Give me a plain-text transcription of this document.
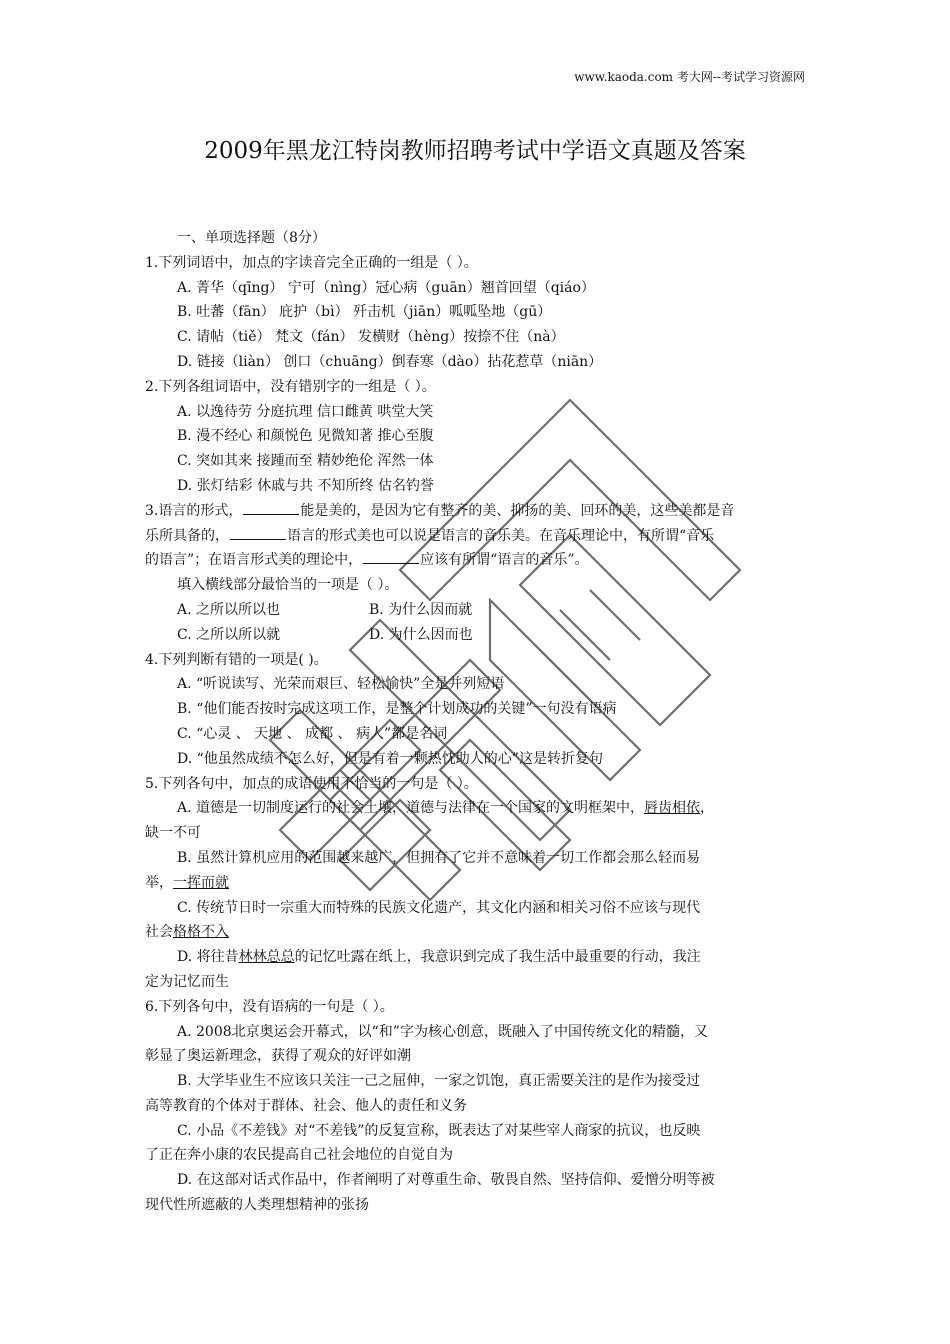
www.kaoda.com 考大网--考试学习资源网
2009年黑龙江特岗教师招聘考试中学语文真题及答案
一、单项选择题（8分）
1.下列词语中，加点的字读音完全正确的一组是（ ）。
A. 菁华（qīng） 宁可（nìng）冠心病（guān）翘首回望（qiáo）
B. 吐蕃（fān） 庇护（bì） 歼击机（jiān）呱呱坠地（gū）
C. 请帖（tiě） 梵文（fán） 发横财（hèng）按捺不住（nà）
D. 链接（liàn） 创口（chuāng）倒春寒（dào）拈花惹草（niān）
2.下列各组词语中，没有错别字的一组是（ ）。
A. 以逸待劳 分庭抗理 信口雌黄 哄堂大笑
B. 漫不经心 和颜悦色 见微知著 推心至腹
C. 突如其来 接踵而至 精妙绝伦 浑然一体
D. 张灯结彩 休戚与共 不知所终 估名钓誉
3.语言的形式，	能是美的，是因为它有整齐的美、抑扬的美、回环的美，这些美都是音
乐所具备的，	语言的形式美也可以说是语言的音乐美。在音乐理论中，有所谓“音乐
的语言”；在语言形式美的理论中，	应该有所谓“语言的音乐”。
填入横线部分最恰当的一项是（ ）。
A. 之所以所以也	B. 为什么因而就
C. 之所以所以就	D. 为什么因而也
4.下列判断有错的一项是( )。
A. “听说读写、光荣而艰巨、轻松愉快”全是并列短语
B. “他们能否按时完成这项工作，是整个计划成功的关键”一句没有语病
C. “心灵 、 天地 、 成都 、 病人”都是名词
D. “他虽然成绩不怎么好，但是有着一颗热忱助人的心”这是转折复句
5.下列各句中，加点的成语使用不恰当的一句是（ ）。
A. 道德是一切制度运行的社会土壤，道德与法律在一个国家的文明框架中，唇齿相依，
缺一不可
B. 虽然计算机应用的范围越来越广，但拥有了它并不意味着一切工作都会那么轻而易
举，一挥而就
C. 传统节日时一宗重大而特殊的民族文化遗产，其文化内涵和相关习俗不应该与现代
社会格格不入
D. 将往昔林林总总的记忆吐露在纸上，我意识到完成了我生活中最重要的行动，我注
定为记忆而生
6.下列各句中，没有语病的一句是（ ）。
A. 2008北京奥运会开幕式，以“和”字为核心创意，既融入了中国传统文化的精髓，又
彰显了奥运新理念，获得了观众的好评如潮
B. 大学毕业生不应该只关注一己之屈伸，一家之饥饱，真正需要关注的是作为接受过
高等教育的个体对于群体、社会、他人的责任和义务
C. 小品《不差钱》对“不差钱”的反复宣称，既表达了对某些宰人商家的抗议，也反映
了正在奔小康的农民提高自己社会地位的自觉自为
D. 在这部对话式作品中，作者阐明了对尊重生命、敬畏自然、坚持信仰、爱憎分明等被
现代性所遮蔽的人类理想精神的张扬
